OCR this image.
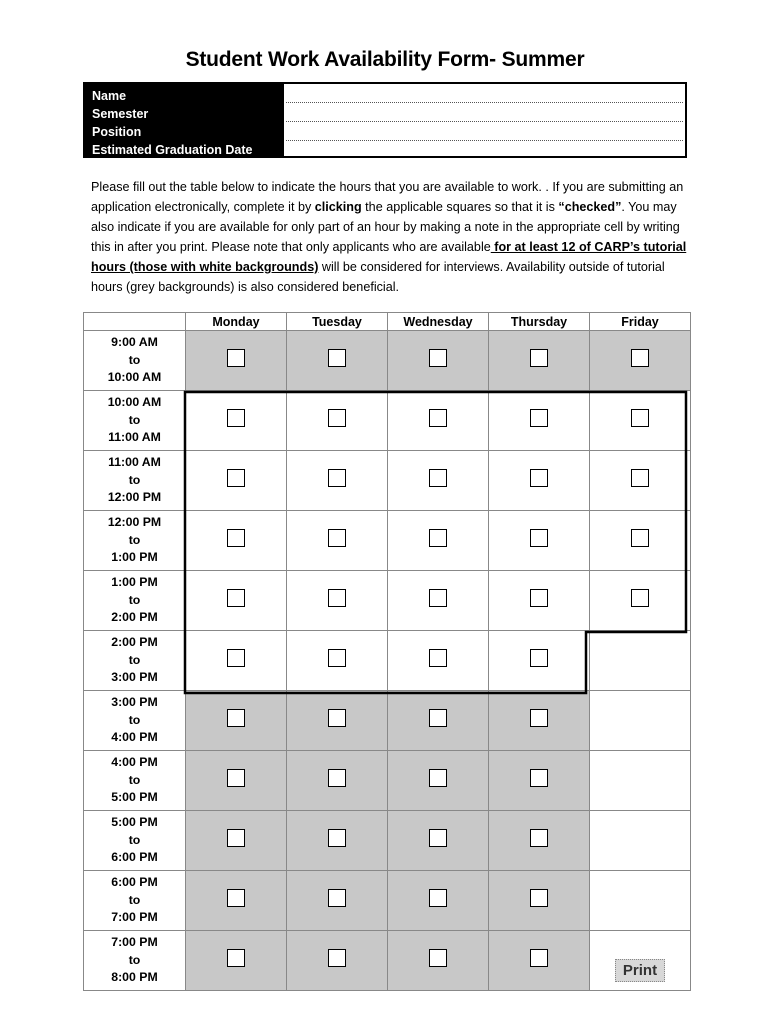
Student Work Availability Form- Summer
Name
Semester
Position
Estimated Graduation Date

Please fill out the table below to indicate the hours that you are available to work. . If you are submitting an application electronically, complete it by clicking the applicable squares so that it is “checked”. You may also indicate if you are available for only part of an hour by making a note in the appropriate cell by writing this in after you print. Please note that only applicants who are available for at least 12 of CARP’s tutorial hours (those with white backgrounds) will be considered for interviews. Availability outside of tutorial hours (grey backgrounds) is also considered beneficial.

	Monday	Tuesday	Wednesday	Thursday	Friday

9:00 AM
to
10:00 AM					

10:00 AM
to
11:00 AM					

11:00 AM
to
12:00 PM					

12:00 PM
to
1:00 PM					

1:00 PM
to
2:00 PM					

2:00 PM
to
3:00 PM					

3:00 PM
to
4:00 PM					

4:00 PM
to
5:00 PM					

5:00 PM
to
6:00 PM					

6:00 PM
to
7:00 PM					

7:00 PM
to
8:00 PM					Print
